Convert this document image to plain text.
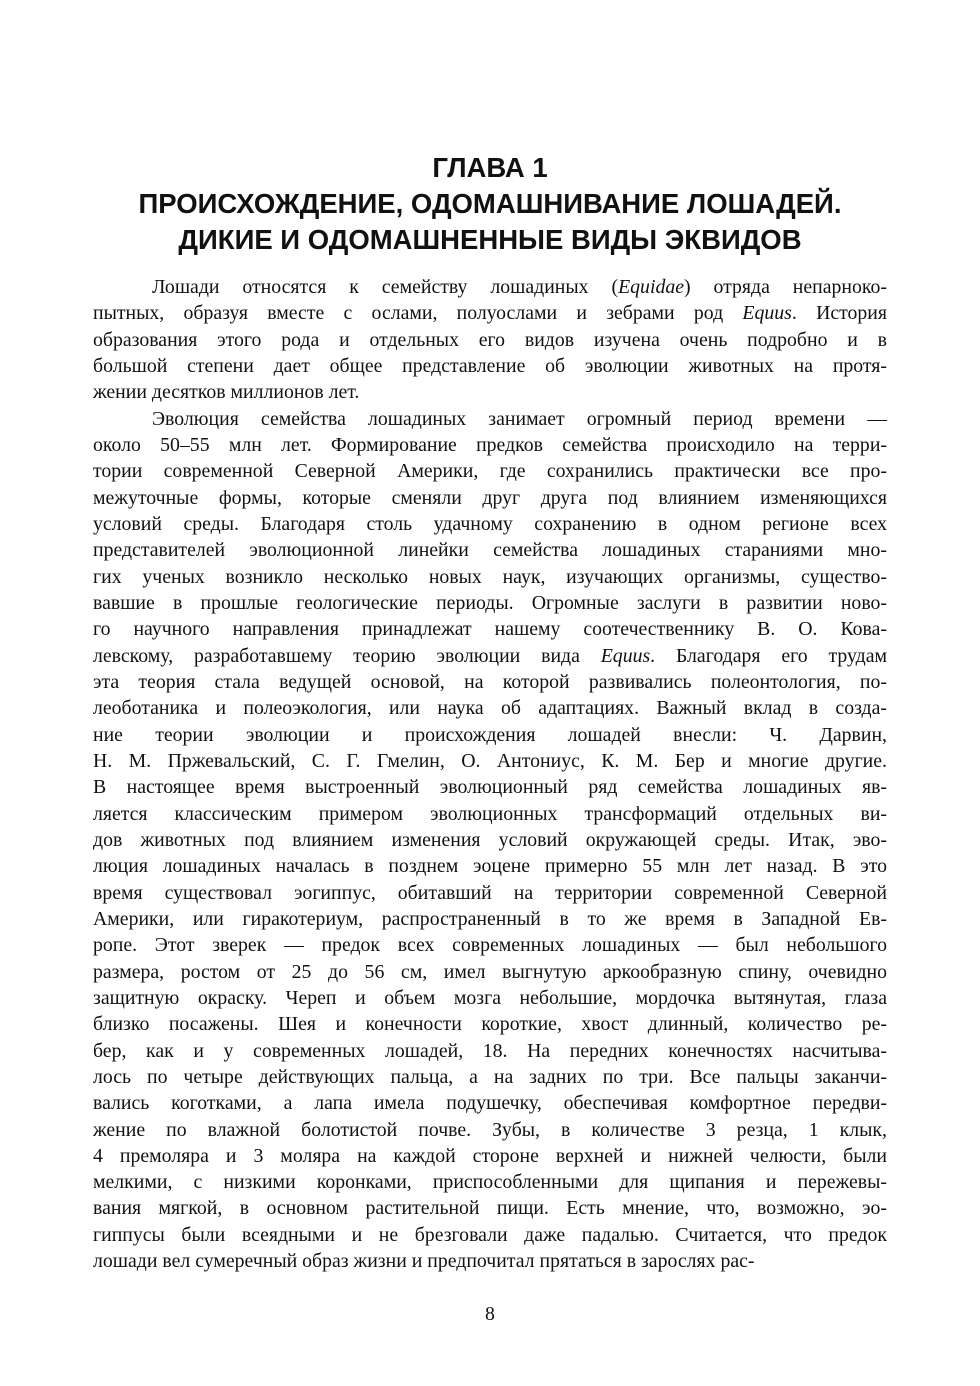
ГЛАВА 1
ПРОИСХОЖДЕНИЕ, ОДОМАШНИВАНИЕ ЛОШАДЕЙ.
ДИКИЕ И ОДОМАШНЕННЫЕ ВИДЫ ЭКВИДОВ
Лошади относятся к семейству лошадиных (Equidae) отряда непарноко-
пытных, образуя вместе с ослами, полуослами и зебрами род Equus. История
образования этого рода и отдельных его видов изучена очень подробно и в
большой степени дает общее представление об эволюции животных на протя-
жении десятков миллионов лет.
Эволюция семейства лошадиных занимает огромный период времени —
около 50–55 млн лет. Формирование предков семейства происходило на терри-
тории современной Северной Америки, где сохранились практически все про-
межуточные формы, которые сменяли друг друга под влиянием изменяющихся
условий среды. Благодаря столь удачному сохранению в одном регионе всех
представителей эволюционной линейки семейства лошадиных стараниями мно-
гих ученых возникло несколько новых наук, изучающих организмы, существо-
вавшие в прошлые геологические периоды. Огромные заслуги в развитии ново-
го научного направления принадлежат нашему соотечественнику В. О. Кова-
левскому, разработавшему теорию эволюции вида Equus. Благодаря его трудам
эта теория стала ведущей основой, на которой развивались полеонтология, по-
леоботаника и полеоэкология, или наука об адаптациях. Важный вклад в созда-
ние теории эволюции и происхождения лошадей внесли: Ч. Дарвин,
Н. М. Пржевальский, С. Г. Гмелин, О. Антониус, К. М. Бер и многие другие.
В настоящее время выстроенный эволюционный ряд семейства лошадиных яв-
ляется классическим примером эволюционных трансформаций отдельных ви-
дов животных под влиянием изменения условий окружающей среды. Итак, эво-
люция лошадиных началась в позднем эоцене примерно 55 млн лет назад. В это
время существовал эогиппус, обитавший на территории современной Северной
Америки, или гиракотериум, распространенный в то же время в Западной Ев-
ропе. Этот зверек — предок всех современных лошадиных — был небольшого
размера, ростом от 25 до 56 см, имел выгнутую аркообразную спину, очевидно
защитную окраску. Череп и объем мозга небольшие, мордочка вытянутая, глаза
близко посажены. Шея и конечности короткие, хвост длинный, количество ре-
бер, как и у современных лошадей, 18. На передних конечностях насчитыва-
лось по четыре действующих пальца, а на задних по три. Все пальцы заканчи-
вались коготками, а лапа имела подушечку, обеспечивая комфортное передви-
жение по влажной болотистой почве. Зубы, в количестве 3 резца, 1 клык,
4 премоляра и 3 моляра на каждой стороне верхней и нижней челюсти, были
мелкими, с низкими коронками, приспособленными для щипания и пережевы-
вания мягкой, в основном растительной пищи. Есть мнение, что, возможно, эо-
гиппусы были всеядными и не брезговали даже падалью. Считается, что предок
лошади вел сумеречный образ жизни и предпочитал прятаться в зарослях рас-
8
